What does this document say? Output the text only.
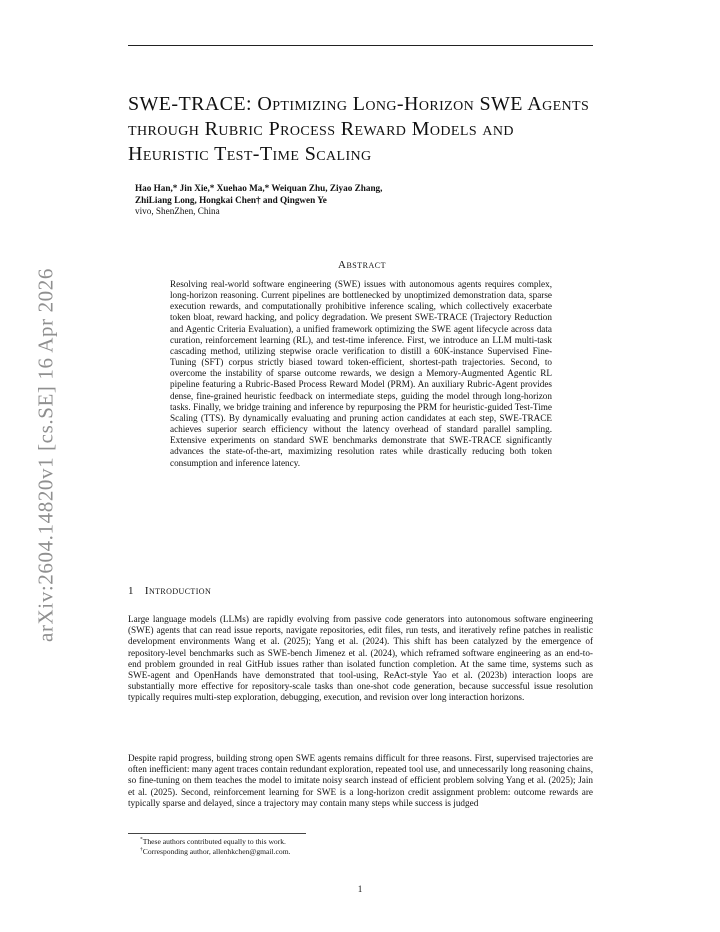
arXiv:2604.14820v1 [cs.SE] 16 Apr 2026
SWE-TRACE: Optimizing Long-Horizon SWE Agents through Rubric Process Reward Models and Heuristic Test-Time Scaling
Hao Han,* Jin Xie,* Xuehao Ma,* Weiquan Zhu, Ziyao Zhang,
ZhiLiang Long, Hongkai Chen† and Qingwen Ye
vivo, ShenZhen, China
Abstract

Resolving real-world software engineering (SWE) issues with autonomous agents requires complex, long-horizon reasoning. Current pipelines are bottlenecked by unoptimized demonstration data, sparse execution rewards, and computationally prohibitive inference scaling, which collectively exacerbate token bloat, reward hacking, and policy degradation. We present SWE-TRACE (Trajectory Reduction and Agentic Criteria Evaluation), a unified framework optimizing the SWE agent lifecycle across data curation, reinforcement learning (RL), and test-time inference. First, we introduce an LLM multi-task cascading method, utilizing stepwise oracle verification to distill a 60K-instance Supervised Fine-Tuning (SFT) corpus strictly biased toward token-efficient, shortest-path trajectories. Second, to overcome the instability of sparse outcome rewards, we design a Memory-Augmented Agentic RL pipeline featuring a Rubric-Based Process Reward Model (PRM). An auxiliary Rubric-Agent provides dense, fine-grained heuristic feedback on intermediate steps, guiding the model through long-horizon tasks. Finally, we bridge training and inference by repurposing the PRM for heuristic-guided Test-Time Scaling (TTS). By dynamically evaluating and pruning action candidates at each step, SWE-TRACE achieves superior search efficiency without the latency overhead of standard parallel sampling. Extensive experiments on standard SWE benchmarks demonstrate that SWE-TRACE significantly advances the state-of-the-art, maximizing resolution rates while drastically reducing both token consumption and inference latency.

1 Introduction

Large language models (LLMs) are rapidly evolving from passive code generators into autonomous software engineering (SWE) agents that can read issue reports, navigate repositories, edit files, run tests, and iteratively refine patches in realistic development environments Wang et al. (2025); Yang et al. (2024). This shift has been catalyzed by the emergence of repository-level benchmarks such as SWE-bench Jimenez et al. (2024), which reframed software engineering as an end-to-end problem grounded in real GitHub issues rather than isolated function completion. At the same time, systems such as SWE-agent and OpenHands have demonstrated that tool-using, ReAct-style Yao et al. (2023b) interaction loops are substantially more effective for repository-scale tasks than one-shot code generation, because successful issue resolution typically requires multi-step exploration, debugging, execution, and revision over long interaction horizons.

Despite rapid progress, building strong open SWE agents remains difficult for three reasons. First, supervised trajectories are often inefficient: many agent traces contain redundant exploration, repeated tool use, and unnecessarily long reasoning chains, so fine-tuning on them teaches the model to imitate noisy search instead of efficient problem solving Yang et al. (2025); Jain et al. (2025). Second, reinforcement learning for SWE is a long-horizon credit assignment problem: outcome rewards are typically sparse and delayed, since a trajectory may contain many steps while success is judged

*These authors contributed equally to this work.
†Corresponding author, allenhkchen@gmail.com.
1
